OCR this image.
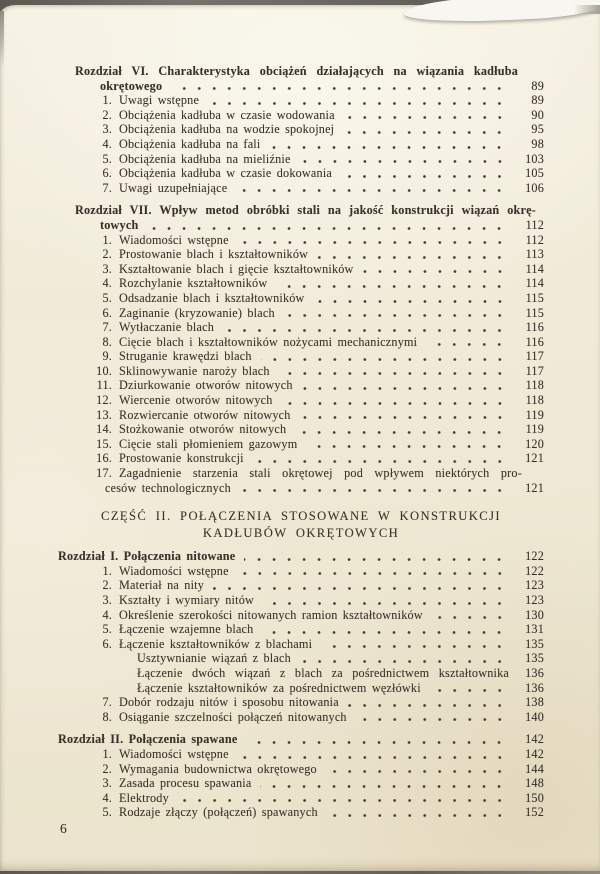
Rozdział VI. Charakterystyka obciążeń działających na wiązania kadłuba
okrętowego	89
1. Uwagi wstępne	89
2. Obciążenia kadłuba w czasie wodowania	90
3. Obciążenia kadłuba na wodzie spokojnej	95
4. Obciążenia kadłuba na fali	98
5. Obciążenia kadłuba na mieliźnie	103
6. Obciążenia kadłuba w czasie dokowania	105
7. Uwagi uzupełniające	106
Rozdział VII. Wpływ metod obróbki stali na jakość konstrukcji wiązań okrę-
towych	112
1. Wiadomości wstępne	112
2. Prostowanie blach i kształtowników	113
3. Kształtowanie blach i gięcie kształtowników	114
4. Rozchylanie kształtowników	114
5. Odsadzanie blach i kształtowników	115
6. Zaginanie (kryzowanie) blach	115
7. Wytłaczanie blach	116
8. Cięcie blach i kształtowników nożycami mechanicznymi	116
9. Struganie krawędzi blach	117
10. Sklinowywanie naroży blach	117
11. Dziurkowanie otworów nitowych	118
12. Wiercenie otworów nitowych	118
13. Rozwiercanie otworów nitowych	119
14. Stożkowanie otworów nitowych	119
15. Cięcie stali płomieniem gazowym	120
16. Prostowanie konstrukcji	121
17. Zagadnienie starzenia stali okrętowej pod wpływem niektórych pro-
cesów technologicznych	121
CZĘŚĆ II. POŁĄCZENIA STOSOWANE W KONSTRUKCJI
KADŁUBÓW OKRĘTOWYCH
Rozdział I. Połączenia nitowane	122
1. Wiadomości wstępne	122
2. Materiał na nity	123
3. Kształty i wymiary nitów	123
4. Określenie szerokości nitowanych ramion kształtowników	130
5. Łączenie wzajemne blach	131
6. Łączenie kształtowników z blachami	135
Usztywnianie wiązań z blach	135
Łączenie dwóch wiązań z blach za pośrednictwem kształtownika	136
Łączenie kształtowników za pośrednictwem węzłówki	136
7. Dobór rodzaju nitów i sposobu nitowania	138
8. Osiąganie szczelności połączeń nitowanych	140
Rozdział II. Połączenia spawane	142
1. Wiadomości wstępne	142
2. Wymagania budownictwa okrętowego	144
3. Zasada procesu spawania	148
4. Elektrody	150
5. Rodzaje złączy (połączeń) spawanych	152
6
